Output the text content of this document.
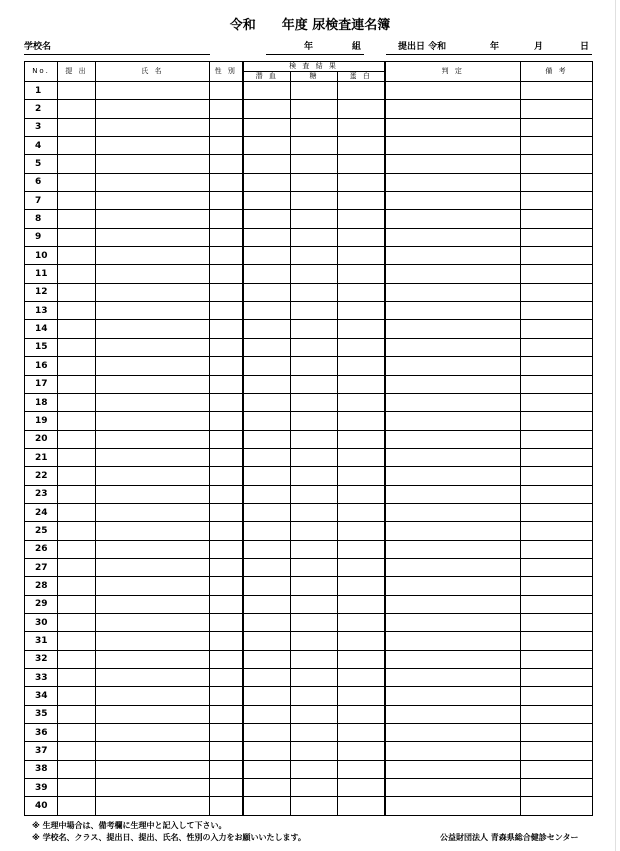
令和　　年度 尿検査連名簿
学校名	年	組	提出日 令和	年	月	日
No.	提 出	氏 名	性 別	検 査 結 果			判 定	備 考
				潜 血	糖	蛋 白		
1								
2								
3								
4								
5								
6								
7								
8								
9								
10								
11								
12								
13								
14								
15								
16								
17								
18								
19								
20								
21								
22								
23								
24								
25								
26								
27								
28								
29								
30								
31								
32								
33								
34								
35								
36								
37								
38								
39								
40								
※ 生理中場合は、備考欄に生理中と記入して下さい。
※ 学校名、クラス、提出日、提出、氏名、性別の入力をお願いいたします。	公益財団法人 青森県総合健診センター
